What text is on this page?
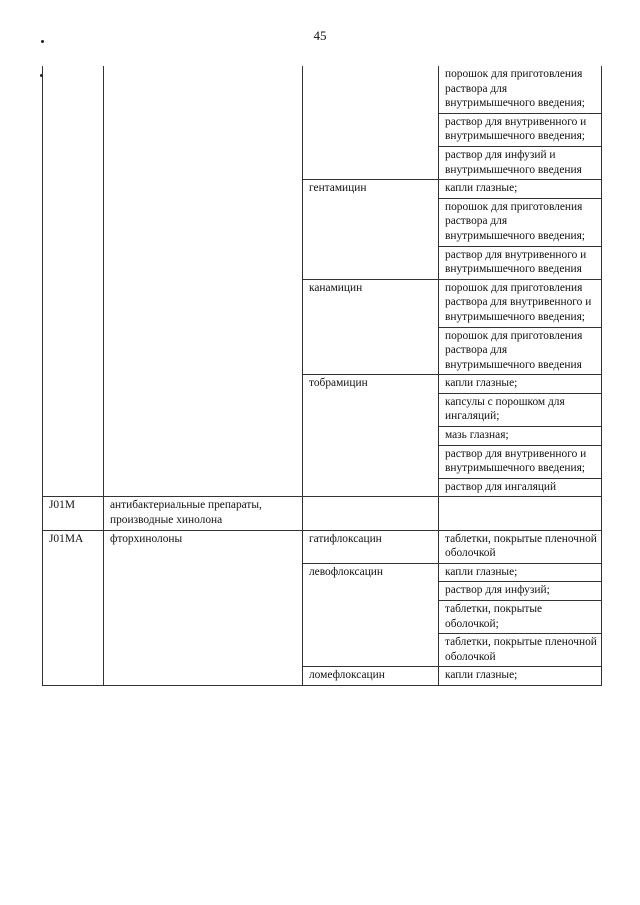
45
			порошок для приготовления раствора для внутримышечного введения;
			раствор для внутривенного и внутримышечного введения;
			раствор для инфузий и внутримышечного введения
		гентамицин	капли глазные;
			порошок для приготовления раствора для внутримышечного введения;
			раствор для внутривенного и внутримышечного введения
		канамицин	порошок для приготовления раствора для внутривенного и внутримышечного введения;
			порошок для приготовления раствора для внутримышечного введения
		тобрамицин	капли глазные;
			капсулы с порошком для ингаляций;
			мазь глазная;
			раствор для внутривенного и внутримышечного введения;
			раствор для ингаляций
J01M	антибактериальные препараты, производные хинолона		
J01MA	фторхинолоны	гатифлоксацин	таблетки, покрытые пленочной оболочкой
		левофлоксацин	капли глазные;
			раствор для инфузий;
			таблетки, покрытые оболочкой;
			таблетки, покрытые пленочной оболочкой
		ломефлоксацин	капли глазные;
